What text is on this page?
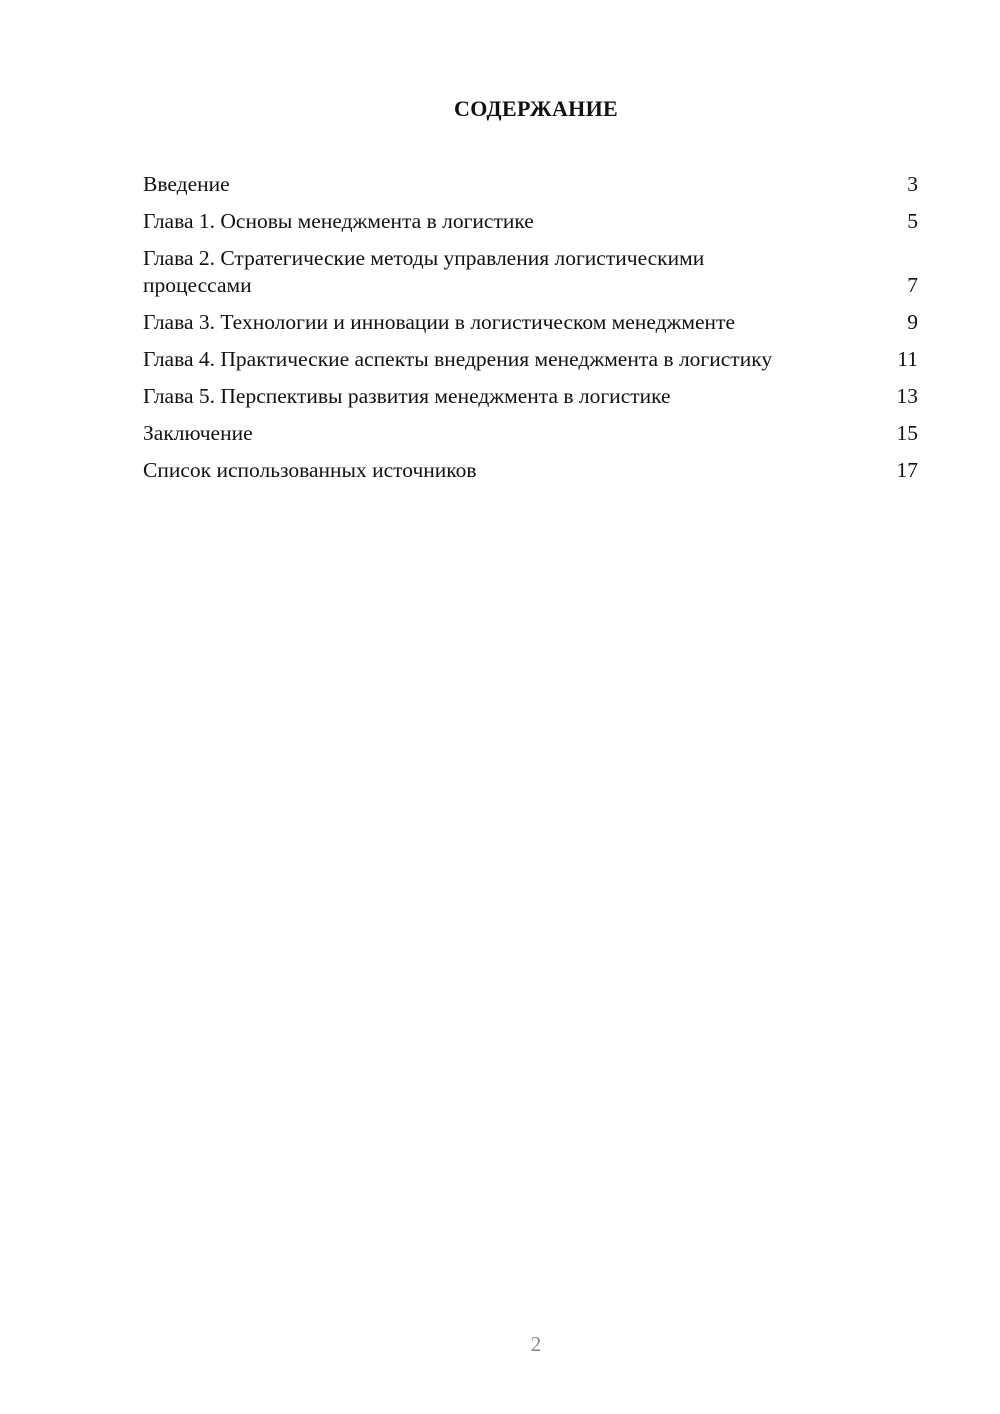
СОДЕРЖАНИЕ
Введение	3
Глава 1. Основы менеджмента в логистике	5
Глава 2. Стратегические методы управления логистическими процессами	7
Глава 3. Технологии и инновации в логистическом менеджменте	9
Глава 4. Практические аспекты внедрения менеджмента в логистику	11
Глава 5. Перспективы развития менеджмента в логистике	13
Заключение	15
Список использованных источников	17
2
